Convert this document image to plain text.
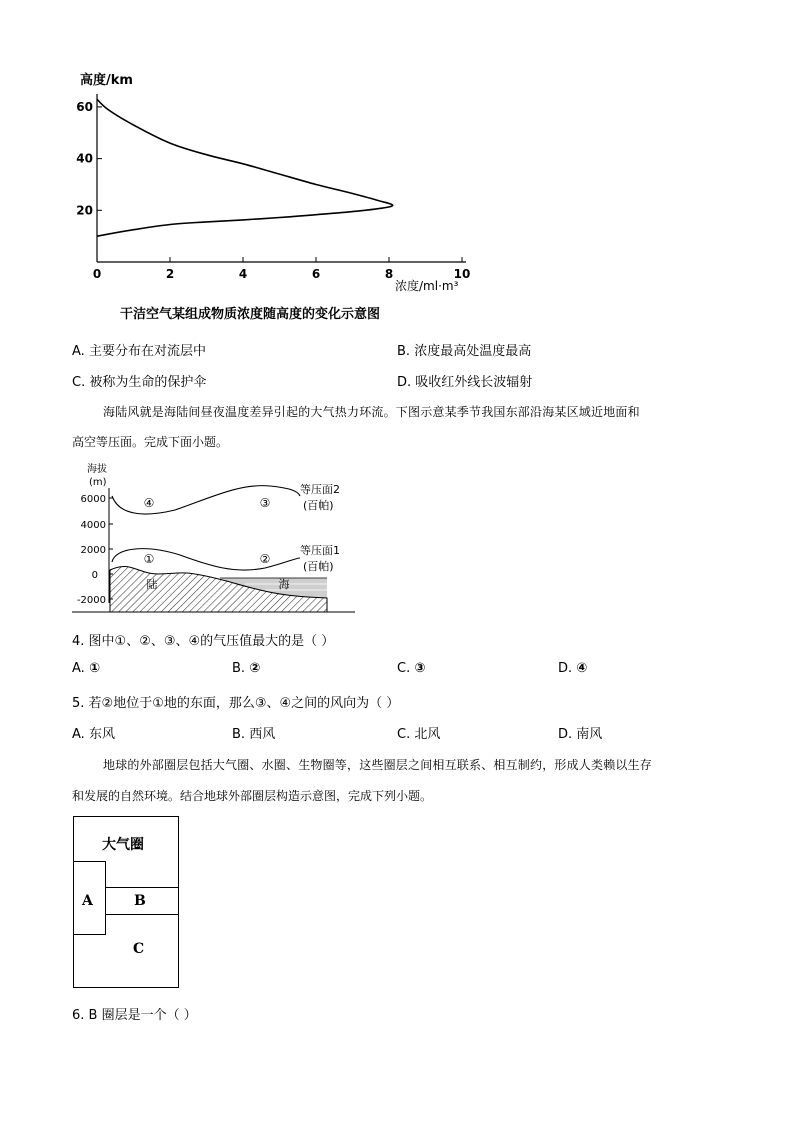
高度/km
0	2	4	6	8	10
20
40
60
浓度/ml·m³
干洁空气某组成物质浓度随高度的变化示意图
A. 主要分布在对流层中	B. 浓度最高处温度最高
C. 被称为生命的保护伞	D. 吸收红外线长波辐射
海陆风就是海陆间昼夜温度差异引起的大气热力环流。下图示意某季节我国东部沿海某区域近地面和
高空等压面。完成下面小题。
海拔
(m)
6000
4000
2000
0
-2000
④	③
①	②
陆	海
等压面2
(百帕)
等压面1
(百帕)
4. 图中①、②、③、④的气压值最大的是（ ）
A. ①	B. ②	C. ③	D. ④
5. 若②地位于①地的东面，那么③、④之间的风向为（ ）
A. 东风	B. 西风	C. 北风	D. 南风
地球的外部圈层包括大气圈、水圈、生物圈等，这些圈层之间相互联系、相互制约，形成人类赖以生存
和发展的自然环境。结合地球外部圈层构造示意图，完成下列小题。
大气圈
A	B
C
6. B 圈层是一个（ ）
